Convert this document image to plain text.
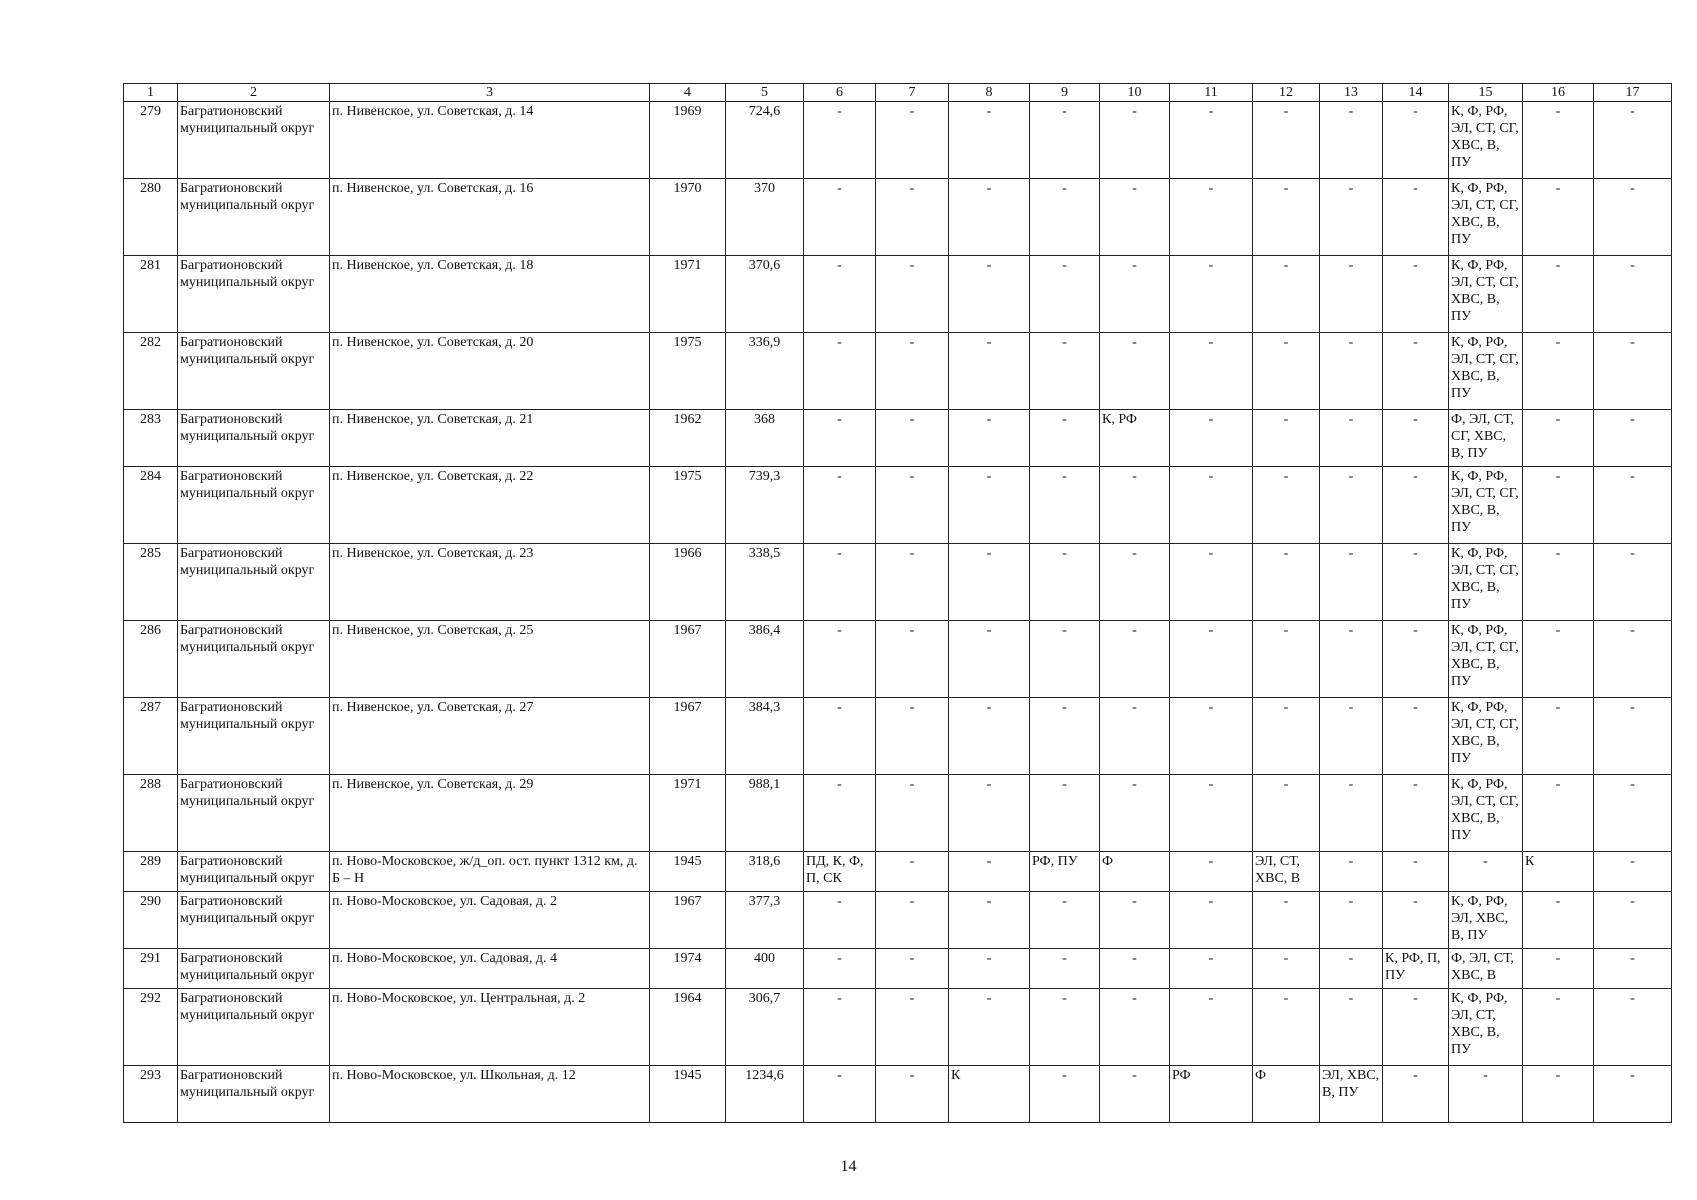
1	2	3	4	5	6	7	8	9	10	11	12	13	14	15	16	17
279	Багратионовский муниципальный округ	п. Нивенское, ул. Советская, д. 14	1969	724,6	-	-	-	-	-	-	-	-	-	К, Ф, РФ, ЭЛ, СТ, СГ, ХВС, В, ПУ	-	-
280	Багратионовский муниципальный округ	п. Нивенское, ул. Советская, д. 16	1970	370	-	-	-	-	-	-	-	-	-	К, Ф, РФ, ЭЛ, СТ, СГ, ХВС, В, ПУ	-	-
281	Багратионовский муниципальный округ	п. Нивенское, ул. Советская, д. 18	1971	370,6	-	-	-	-	-	-	-	-	-	К, Ф, РФ, ЭЛ, СТ, СГ, ХВС, В, ПУ	-	-
282	Багратионовский муниципальный округ	п. Нивенское, ул. Советская, д. 20	1975	336,9	-	-	-	-	-	-	-	-	-	К, Ф, РФ, ЭЛ, СТ, СГ, ХВС, В, ПУ	-	-
283	Багратионовский муниципальный округ	п. Нивенское, ул. Советская, д. 21	1962	368	-	-	-	-	К, РФ	-	-	-	-	Ф, ЭЛ, СТ, СГ, ХВС, В, ПУ	-	-
284	Багратионовский муниципальный округ	п. Нивенское, ул. Советская, д. 22	1975	739,3	-	-	-	-	-	-	-	-	-	К, Ф, РФ, ЭЛ, СТ, СГ, ХВС, В, ПУ	-	-
285	Багратионовский муниципальный округ	п. Нивенское, ул. Советская, д. 23	1966	338,5	-	-	-	-	-	-	-	-	-	К, Ф, РФ, ЭЛ, СТ, СГ, ХВС, В, ПУ	-	-
286	Багратионовский муниципальный округ	п. Нивенское, ул. Советская, д. 25	1967	386,4	-	-	-	-	-	-	-	-	-	К, Ф, РФ, ЭЛ, СТ, СГ, ХВС, В, ПУ	-	-
287	Багратионовский муниципальный округ	п. Нивенское, ул. Советская, д. 27	1967	384,3	-	-	-	-	-	-	-	-	-	К, Ф, РФ, ЭЛ, СТ, СГ, ХВС, В, ПУ	-	-
288	Багратионовский муниципальный округ	п. Нивенское, ул. Советская, д. 29	1971	988,1	-	-	-	-	-	-	-	-	-	К, Ф, РФ, ЭЛ, СТ, СГ, ХВС, В, ПУ	-	-
289	Багратионовский муниципальный округ	п. Ново-Московское, ж/д_оп. ост. пункт 1312 км, д. Б – Н	1945	318,6	ПД, К, Ф, П, СК	-	-	РФ, ПУ	Ф	-	ЭЛ, СТ, ХВС, В	-	-	-	К	-
290	Багратионовский муниципальный округ	п. Ново-Московское, ул. Садовая, д. 2	1967	377,3	-	-	-	-	-	-	-	-	-	К, Ф, РФ, ЭЛ, ХВС, В, ПУ	-	-
291	Багратионовский муниципальный округ	п. Ново-Московское, ул. Садовая, д. 4	1974	400	-	-	-	-	-	-	-	-	К, РФ, П, ПУ	Ф, ЭЛ, СТ, ХВС, В	-	-
292	Багратионовский муниципальный округ	п. Ново-Московское, ул. Центральная, д. 2	1964	306,7	-	-	-	-	-	-	-	-	-	К, Ф, РФ, ЭЛ, СТ, ХВС, В, ПУ	-	-
293	Багратионовский муниципальный округ	п. Ново-Московское, ул. Школьная, д. 12	1945	1234,6	-	-	К	-	-	РФ	Ф	ЭЛ, ХВС, В, ПУ	-	-	-	-
14
